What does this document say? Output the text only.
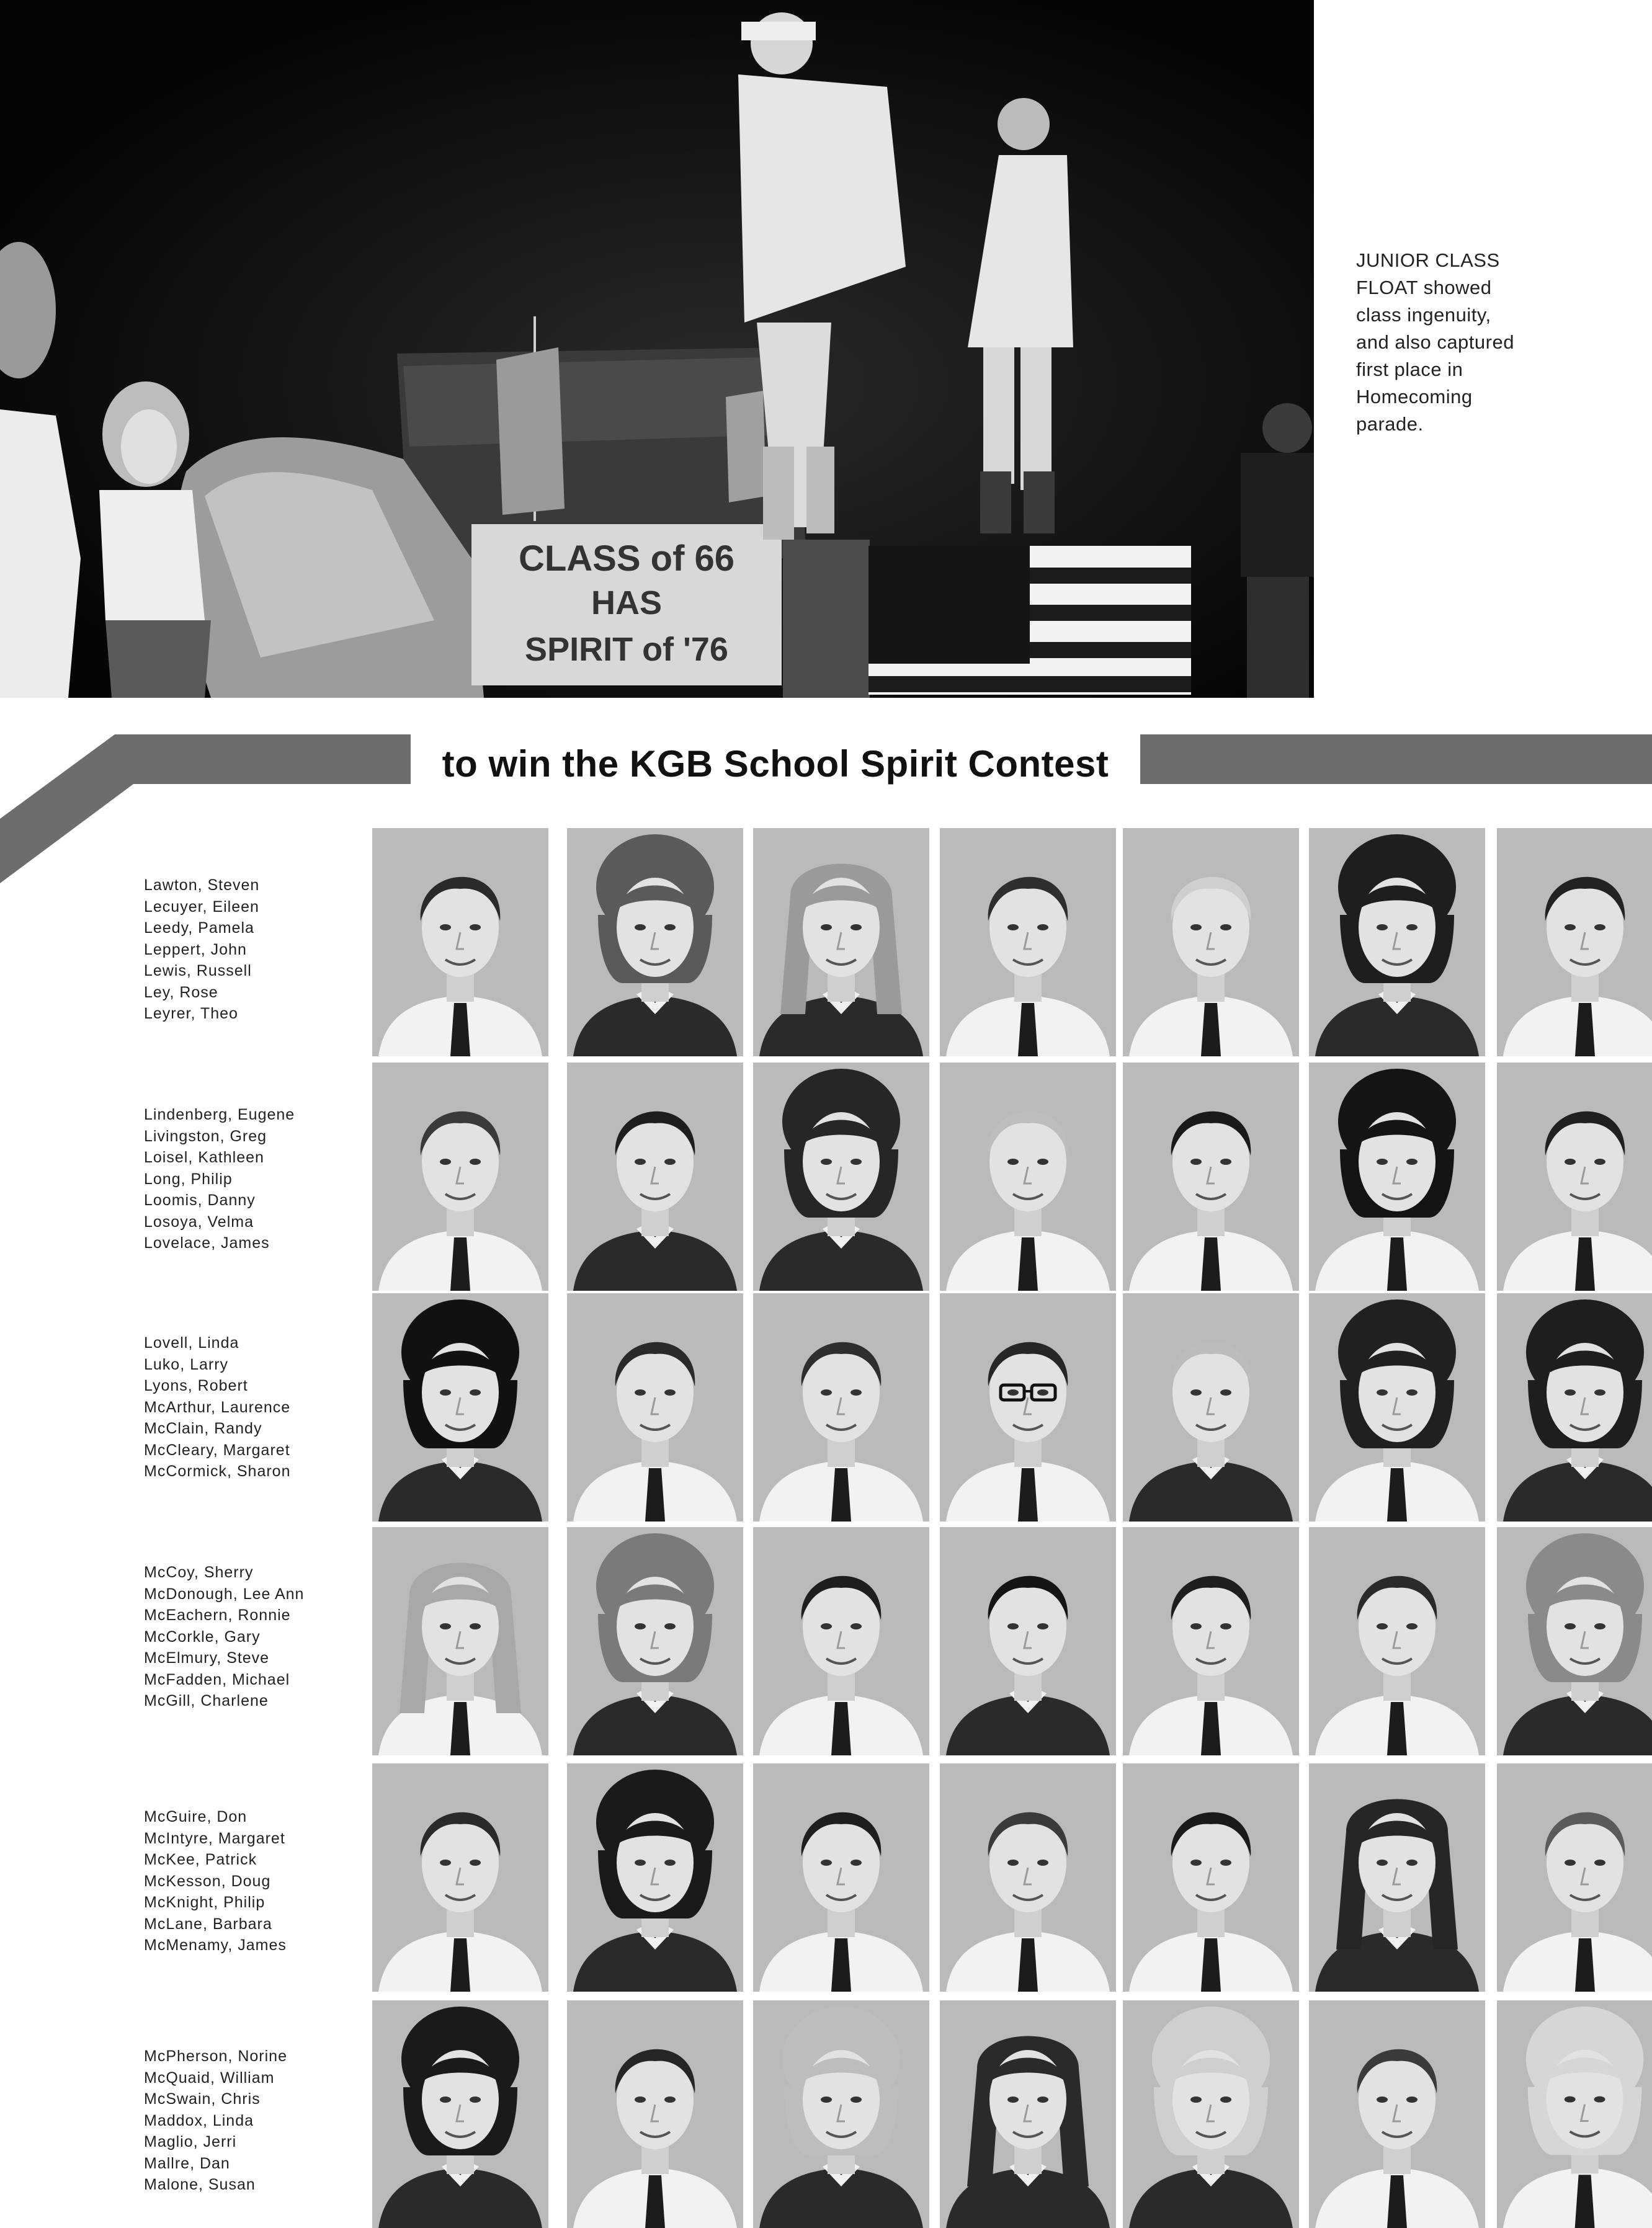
CLASS of 66
HAS
SPIRIT of '76
JUNIOR CLASS
FLOAT showed
class ingenuity,
and also captured
first place in
Homecoming
parade.
to win the KGB School Spirit Contest
Lawton, Steven
Lecuyer, Eileen
Leedy, Pamela
Leppert, John
Lewis, Russell
Ley, Rose
Leyrer, Theo
Lindenberg, Eugene
Livingston, Greg
Loisel, Kathleen
Long, Philip
Loomis, Danny
Losoya, Velma
Lovelace, James
Lovell, Linda
Luko, Larry
Lyons, Robert
McArthur, Laurence
McClain, Randy
McCleary, Margaret
McCormick, Sharon
McCoy, Sherry
McDonough, Lee Ann
McEachern, Ronnie
McCorkle, Gary
McElmury, Steve
McFadden, Michael
McGill, Charlene
McGuire, Don
McIntyre, Margaret
McKee, Patrick
McKesson, Doug
McKnight, Philip
McLane, Barbara
McMenamy, James
McPherson, Norine
McQuaid, William
McSwain, Chris
Maddox, Linda
Maglio, Jerri
Mallre, Dan
Malone, Susan
